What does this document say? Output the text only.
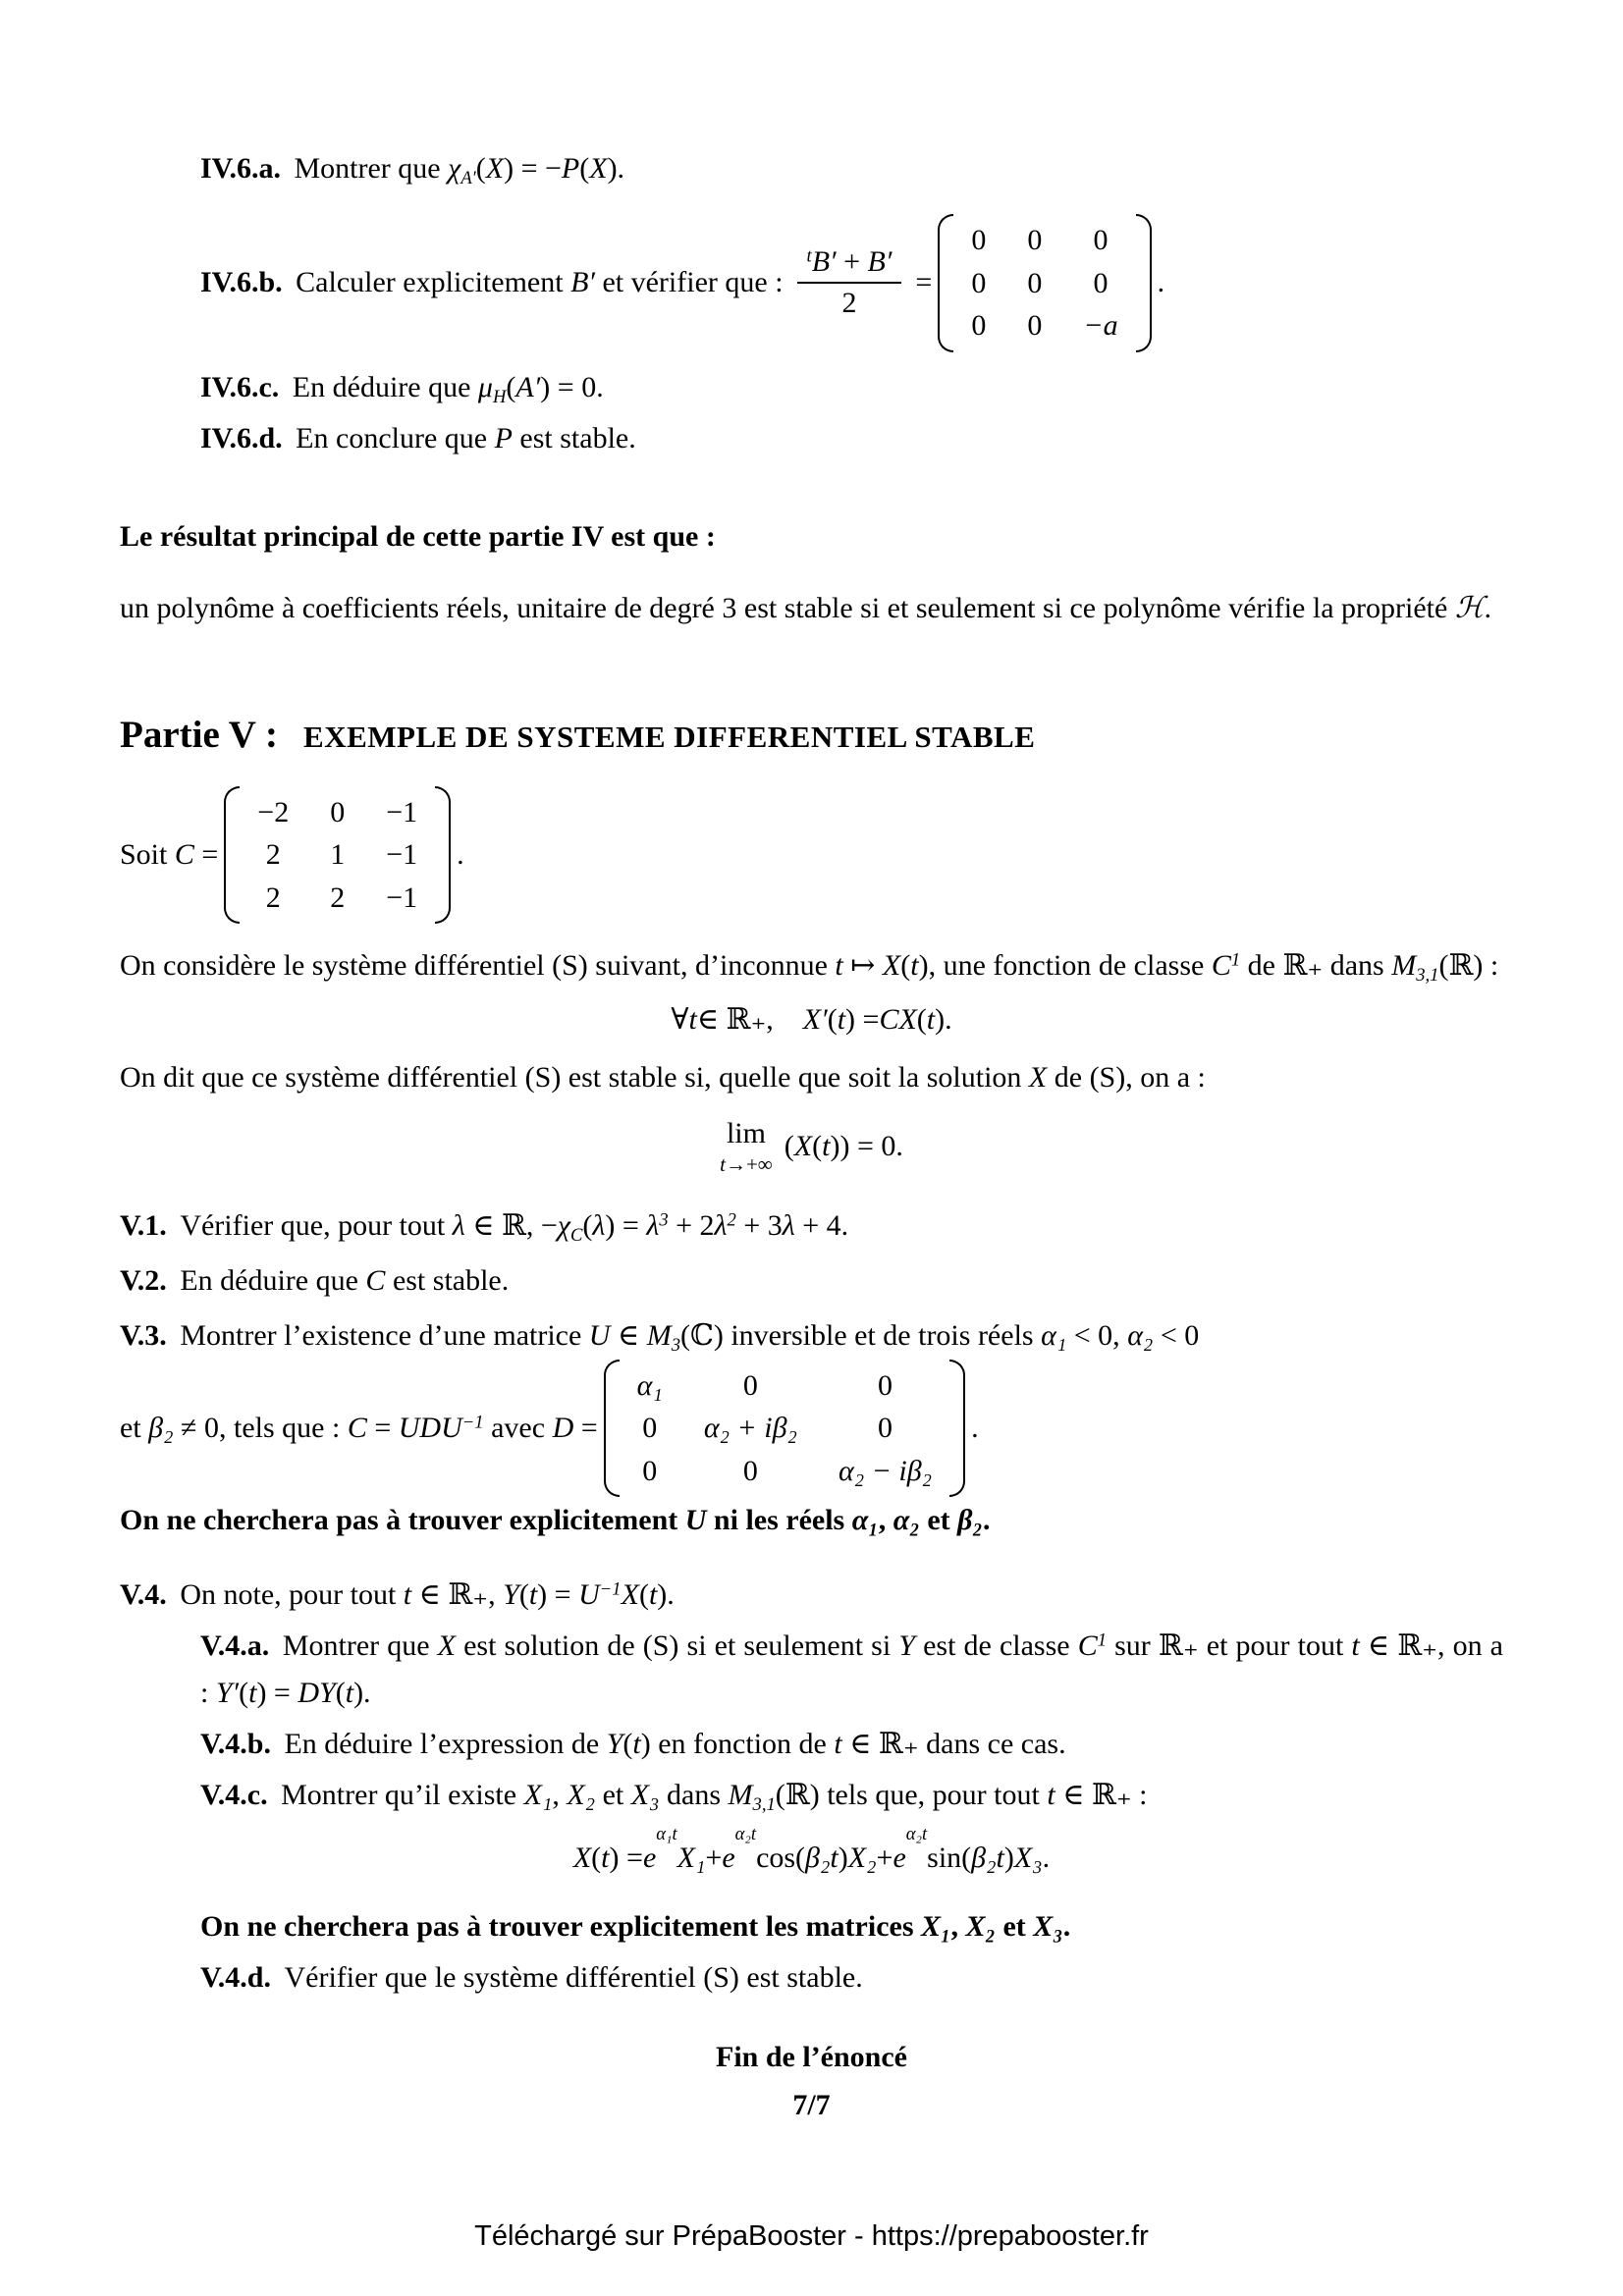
IV.6.a. Montrer que $\chi_{A'}(X) = -P(X)$.

IV.6.b. Calculer explicitement B′ et vérifier que : $\frac{^tB' + B'}{2}$ =
0 0	0
0 0	0
0 0 −a
.

IV.6.c. En déduire que $\mu_H(A') = 0$.

IV.6.d. En conclure que P est stable.

Le résultat principal de cette partie IV est que :

un polynôme à coefficients réels, unitaire de degré 3 est stable si et seulement si ce polynôme vérifie la propriété ℋ.

Partie V : EXEMPLE DE SYSTEME DIFFERENTIEL STABLE
Soit C =
−2 0 −1
2 1 −1
2 2 −1
.

On considère le système différentiel (S) suivant, d’inconnue t ↦ X(t), une fonction de classe $C^1$ de ℝ₊ dans $M_{3,1}(ℝ)$ :

∀ t ∈ ℝ₊, X′ ( t ) = CX ( t ).

On dit que ce système différentiel (S) est stable si, quelle que soit la solution X de (S), on a :

lim
t→+∞
(X(t)) = 0.

V.1. Vérifier que, pour tout λ ∈ ℝ, $-\chi_C(\lambda) = \lambda^3 + 2\lambda^2 + 3\lambda + 4$.

V.2. En déduire que C est stable.

V.3. Montrer l’existence d’une matrice U ∈ $M_3(ℂ)$ inversible et de trois réels α₁ < 0, α₂ < 0

et β₂ ≠ 0, tels que : $C = UDU^{-1}$ avec D =
α₁	0	0
0 α₂ + iβ₂	0
0	0	α₂ − iβ₂
.

On ne cherchera pas à trouver explicitement U ni les réels α₁, α₂ et β₂.

V.4. On note, pour tout t ∈ ℝ₊, $Y(t) = U^{-1}X(t)$.

V.4.a. Montrer que X est solution de (S) si et seulement si Y est de classe $C^1$ sur ℝ₊ et pour tout t ∈ ℝ₊, on a : Y′(t) = DY(t).

V.4.b. En déduire l’expression de Y(t) en fonction de t ∈ ℝ₊ dans ce cas.

V.4.c. Montrer qu’il existe X₁, X₂ et X₃ dans $M_{3,1}(ℝ)$ tels que, pour tout t ∈ ℝ₊ :

X ( t ) = e
α₁t
X₁ + e
α₂t
cos( β₂t ) X₂ + e
α₂t
sin( β₂t ) X₃ .

On ne cherchera pas à trouver explicitement les matrices X₁, X₂ et X₃.

V.4.d. Vérifier que le système différentiel (S) est stable.

Fin de l’énoncé

7/7
Téléchargé sur PrépaBooster - https://prepabooster.fr
